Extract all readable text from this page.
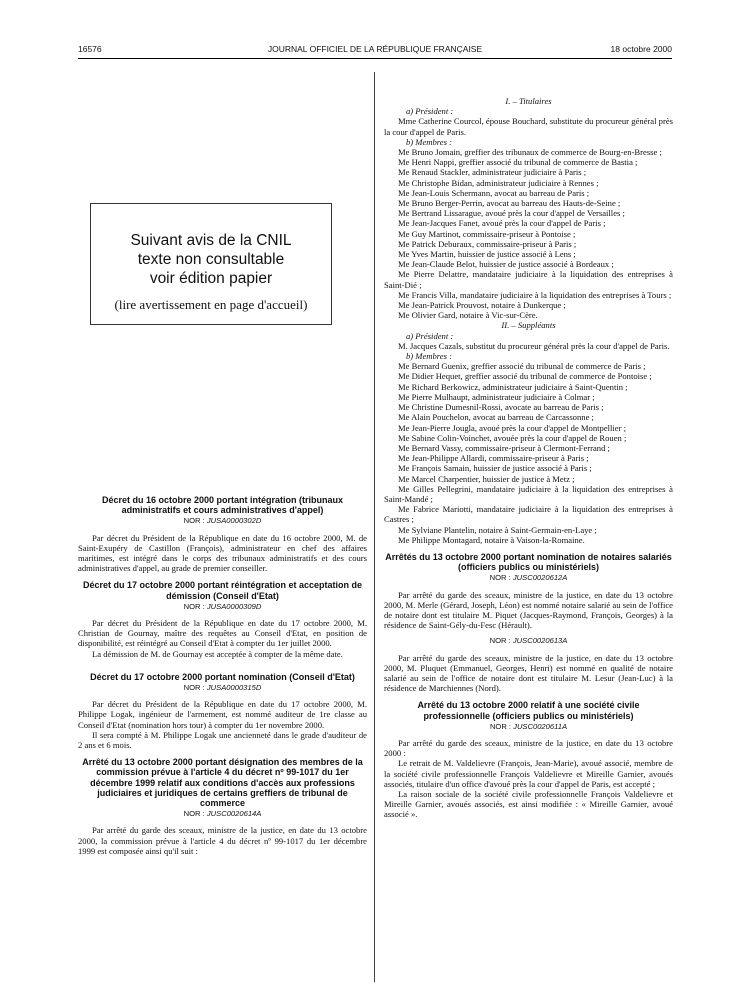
16576	JOURNAL OFFICIEL DE LA RÉPUBLIQUE FRANÇAISE	18 octobre 2000
Suivant avis de la CNIL
texte non consultable
voir édition papier
(lire avertissement en page d'accueil)
Décret du 16 octobre 2000 portant intégration (tribunaux administratifs et cours administratives d'appel)
NOR : JUSA0000302D

Par décret du Président de la République en date du 16 octobre 2000, M. de Saint-Exupéry de Castillon (François), administrateur en chef des affaires maritimes, est intégré dans le corps des tribunaux administratifs et des cours administratives d'appel, au grade de premier conseiller.

Décret du 17 octobre 2000 portant réintégration et acceptation de démission (Conseil d'Etat)
NOR : JUSA0000309D

Par décret du Président de la République en date du 17 octobre 2000, M. Christian de Gournay, maître des requêtes au Conseil d'Etat, en position de disponibilité, est réintégré au Conseil d'Etat à compter du 1er juillet 2000.

La démission de M. de Gournay est acceptée à compter de la même date.

Décret du 17 octobre 2000 portant nomination (Conseil d'Etat)
NOR : JUSA0000315D

Par décret du Président de la République en date du 17 octobre 2000, M. Philippe Logak, ingénieur de l'armement, est nommé auditeur de 1re classe au Conseil d'Etat (nomination hors tour) à compter du 1er novembre 2000.

Il sera compté à M. Philippe Logak une ancienneté dans le grade d'auditeur de 2 ans et 6 mois.

Arrêté du 13 octobre 2000 portant désignation des membres de la commission prévue à l'article 4 du décret nº 99-1017 du 1er décembre 1999 relatif aux conditions d'accès aux professions judiciaires et juridiques de certains greffiers de tribunal de commerce
NOR : JUSC0020614A

Par arrêté du garde des sceaux, ministre de la justice, en date du 13 octobre 2000, la commission prévue à l'article 4 du décret nº 99-1017 du 1er décembre 1999 est composée ainsi qu'il suit :

I. – Titulaires

a) Président :

Mme Catherine Courcol, épouse Bouchard, substitute du procureur général près la cour d'appel de Paris.

b) Membres :

Me Bruno Jomain, greffier des tribunaux de commerce de Bourg-en-Bresse ;

Me Henri Nappi, greffier associé du tribunal de commerce de Bastia ;

Me Renaud Stackler, administrateur judiciaire à Paris ;

Me Christophe Bidan, administrateur judiciaire à Rennes ;

Me Jean-Louis Schermann, avocat au barreau de Paris ;

Me Bruno Berger-Perrin, avocat au barreau des Hauts-de-Seine ;

Me Bertrand Lissarague, avoué près la cour d'appel de Versailles ;

Me Jean-Jacques Fanet, avoué près la cour d'appel de Paris ;

Me Guy Martinot, commissaire-priseur à Pontoise ;

Me Patrick Deburaux, commissaire-priseur à Paris ;

Me Yves Martin, huissier de justice associé à Lens ;

Me Jean-Claude Belot, huissier de justice associé à Bordeaux ;

Me Pierre Delattre, mandataire judiciaire à la liquidation des entreprises à Saint-Dié ;

Me Francis Villa, mandataire judiciaire à la liquidation des entreprises à Tours ;

Me Jean-Patrick Prouvost, notaire à Dunkerque ;

Me Olivier Gard, notaire à Vic-sur-Cère.

II. – Suppléants

a) Président :

M. Jacques Cazals, substitut du procureur général près la cour d'appel de Paris.

b) Membres :

Me Bernard Guenix, greffier associé du tribunal de commerce de Paris ;

Me Didier Hequet, greffier associé du tribunal de commerce de Pontoise ;

Me Richard Berkowicz, administrateur judiciaire à Saint-Quentin ;

Me Pierre Mulhaupt, administrateur judiciaire à Colmar ;

Me Christine Dumesnil-Rossi, avocate au barreau de Paris ;

Me Alain Pouchelon, avocat au barreau de Carcassonne ;

Me Jean-Pierre Jougla, avoué près la cour d'appel de Montpellier ;

Me Sabine Colin-Voinchet, avouée près la cour d'appel de Rouen ;

Me Bernard Vassy, commissaire-priseur à Clermont-Ferrand ;

Me Jean-Philippe Allardi, commissaire-priseur à Paris ;

Me François Samain, huissier de justice associé à Paris ;

Me Marcel Charpentier, huissier de justice à Metz ;

Me Gilles Pellegrini, mandataire judiciaire à la liquidation des entreprises à Saint-Mandé ;

Me Fabrice Mariotti, mandataire judiciaire à la liquidation des entreprises à Castres ;

Me Sylviane Plantelin, notaire à Saint-Germain-en-Laye ;

Me Philippe Montagard, notaire à Vaison-la-Romaine.

Arrêtés du 13 octobre 2000 portant nomination de notaires salariés (officiers publics ou ministériels)
NOR : JUSC0020612A

Par arrêté du garde des sceaux, ministre de la justice, en date du 13 octobre 2000, M. Merle (Gérard, Joseph, Léon) est nommé notaire salarié au sein de l'office de notaire dont est titulaire M. Piquet (Jacques-Raymond, François, Georges) à la résidence de Saint-Gély-du-Fesc (Hérault).

NOR : JUSC0020613A

Par arrêté du garde des sceaux, ministre de la justice, en date du 13 octobre 2000, M. Pluquet (Emmanuel, Georges, Henri) est nommé en qualité de notaire salarié au sein de l'office de notaire dont est titulaire M. Lesur (Jean-Luc) à la résidence de Marchiennes (Nord).

Arrêté du 13 octobre 2000 relatif à une société civile professionnelle (officiers publics ou ministériels)
NOR : JUSC0020611A

Par arrêté du garde des sceaux, ministre de la justice, en date du 13 octobre 2000 :

Le retrait de M. Valdelievre (François, Jean-Marie), avoué associé, membre de la société civile professionnelle François Valdelievre et Mireille Garnier, avoués associés, titulaire d'un office d'avoué près la cour d'appel de Paris, est accepté ;

La raison sociale de la société civile professionnelle François Valdelievre et Mireille Garnier, avoués associés, est ainsi modifiée : « Mireille Garnier, avoué associé ».
